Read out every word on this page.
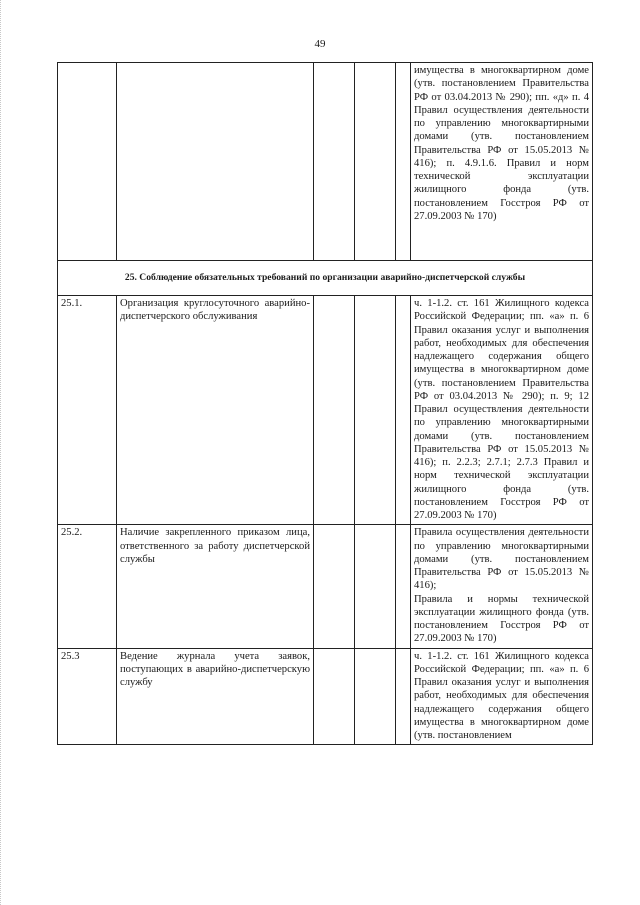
49
					имущества в многоквартирном доме (утв. постановлением Правительства РФ от 03.04.2013 № 290); пп. «д» п. 4 Правил осуществления деятельности по управлению многоквартирными домами (утв. постановлением Правительства РФ от 15.05.2013 № 416); п. 4.9.1.6. Правил и норм технической эксплуатации жилищного фонда (утв. постановлением Госстроя РФ от 27.09.2003 № 170)
25. Соблюдение обязательных требований по организации аварийно-диспетчерской службы					
25.1.	Организация круглосуточного аварийно-диспетчерского обслуживания				ч. 1-1.2. ст. 161 Жилищного кодекса Российской Федерации; пп. «а» п. 6 Правил оказания услуг и выполнения работ, необходимых для обеспечения надлежащего содержания общего имущества в многоквартирном доме (утв. постановлением Правительства РФ от 03.04.2013 № 290); п. 9; 12 Правил осуществления деятельности по управлению многоквартирными домами (утв. постановлением Правительства РФ от 15.05.2013 № 416); п. 2.2.3; 2.7.1; 2.7.3 Правил и норм технической эксплуатации жилищного фонда (утв. постановлением Госстроя РФ от 27.09.2003 № 170)
25.2.	Наличие закрепленного приказом лица, ответственного за работу диспетчерской службы				Правила осуществления деятельности по управлению многоквартирными домами (утв. постановлением Правительства РФ от 15.05.2013 № 416);
Правила и нормы технической эксплуатации жилищного фонда (утв. постановлением Госстроя РФ от 27.09.2003 № 170)

25.3	Ведение журнала учета заявок, поступающих в аварийно-диспетчерскую службу				ч. 1-1.2. ст. 161 Жилищного кодекса Российской Федерации; пп. «а» п. 6 Правил оказания услуг и выполнения работ, необходимых для обеспечения надлежащего содержания общего имущества в многоквартирном доме (утв. постановлением
